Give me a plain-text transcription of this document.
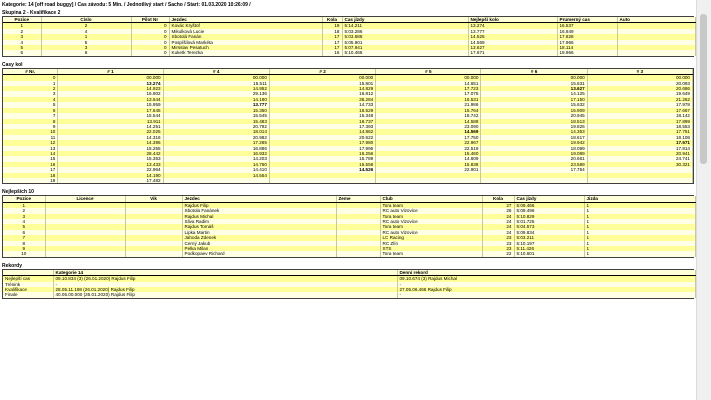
Kategorie: 14 [off road buggy] / Cas závodu: 5 Min. / Jednotlivý start / Sacho / Start: 01.03.2020 10:26:09 /
Skupina 2 - Kvalifikace 2
Pozice	Císlo	Pilot Nr	Jezdec	Kola	Cas jízdy	Nejlepší kolo	Prumerný cas	Auto
1	2	0	Kovác Kryštof	19	5:14.211	13.274	16.537	
2	4	0	Mikulková Lucie	18	5:03.286	13.777	16.849	
3	1	0	Sbotolá Fanán	17	5:03.688	14.526	17.828	
4	5	0	Pospíšilová Markéta	17	5:05.901	14.569	17.966	
5	3	0	Mirsslav Pesatuch	17	5:07.941	13.627	18.114	
6	6	0	Kuketk Terezka	16	5:10.468	17.671	19.966	
Casy kol
# Nr.	# 1	# 4	# 2	# 5	# 6	# 3
0	00.000	00.000	00.000	00.000	00.000	00.000
1	13.274	15.511	15.801	14.651	15.631	20.093
2	14.923	14.952	14.829	17.723	13.627	20.686
3	16.902	29.136	16.812	17.075	14.125	19.649
4	13.644	14.180	36.284	16.531	17.150	21.262
5	15.959	13.777	14.733	21.986	15.632	17.978
6	17.645	15.350	16.529	15.764	15.909	17.667
7	15.544	15.545	15.348	18.742	20.945	18.142
8	13.911	15.483	16.737	14.589	18.513	17.899
9	14.251	20.792	17.393	23.090	19.826	18.553
10	22.025	18.014	14.862	14.569	14.353	17.751
11	14.316	20.982	20.622	17.750	18.617	18.108
12	14.395	17.265	17.980	22.967	19.942	17.671
13	15.255	16.886	17.995	22.519	18.099	17.814
14	28.442	16.932	16.256	15.460	19.089	20.941
15	15.353	14.203	15.789	14.609	20.661	24.741
16	13.433	14.750	15.558	15.838	23.589	30.321
17	22.964	14.410	14.526	22.901	17.754	
18	14.190	14.554				
19	17.482					
Nejlepších 10
Pozice	Licence	Vik	Jezdec	Zeme	Club	Kola	Cas jízdy	Jizda
1			Rajdus Filip		Tora team	27	5:09.466	1
2			Sbotola Fanánek		RC auto Vizovice	26	5:09.496	1
3			Rajdus Michal		Tora team	24	5:10.829	1
4			Sliva Radim		RC auto Vizovice	24	5:01.725	1
5			Rajdus Tomáš		Tora team	24	5:04.573	1
6			Lipka Martin		RC auto Vizovice	24	5:09.834	1
7			Jahoda Zdenek		LC Racing	23	5:03.211	1
8			Cerný Jakub		RC Zlín	23	5:10.197	1
9			Pelka Milan		STS	23	5:11.426	1
10			Podkopaev Richard		Tora team	22	5:10.601	1
Rekordy
	Kategorie 14	Denní rekord
Nejlepší cas	09.10.834 (3) (26.01.2020) Rajdus Filip	09.10.674 (3) Rajdus Michal
Trénink	-	-
Kvalifikace	28.05.11.198 (26.01.2020) Rajdus Filip	27.05.06.466 Rajdus Filip
Finale	40.05.00.000 (26.01.2020) Rajdus Filip	-
